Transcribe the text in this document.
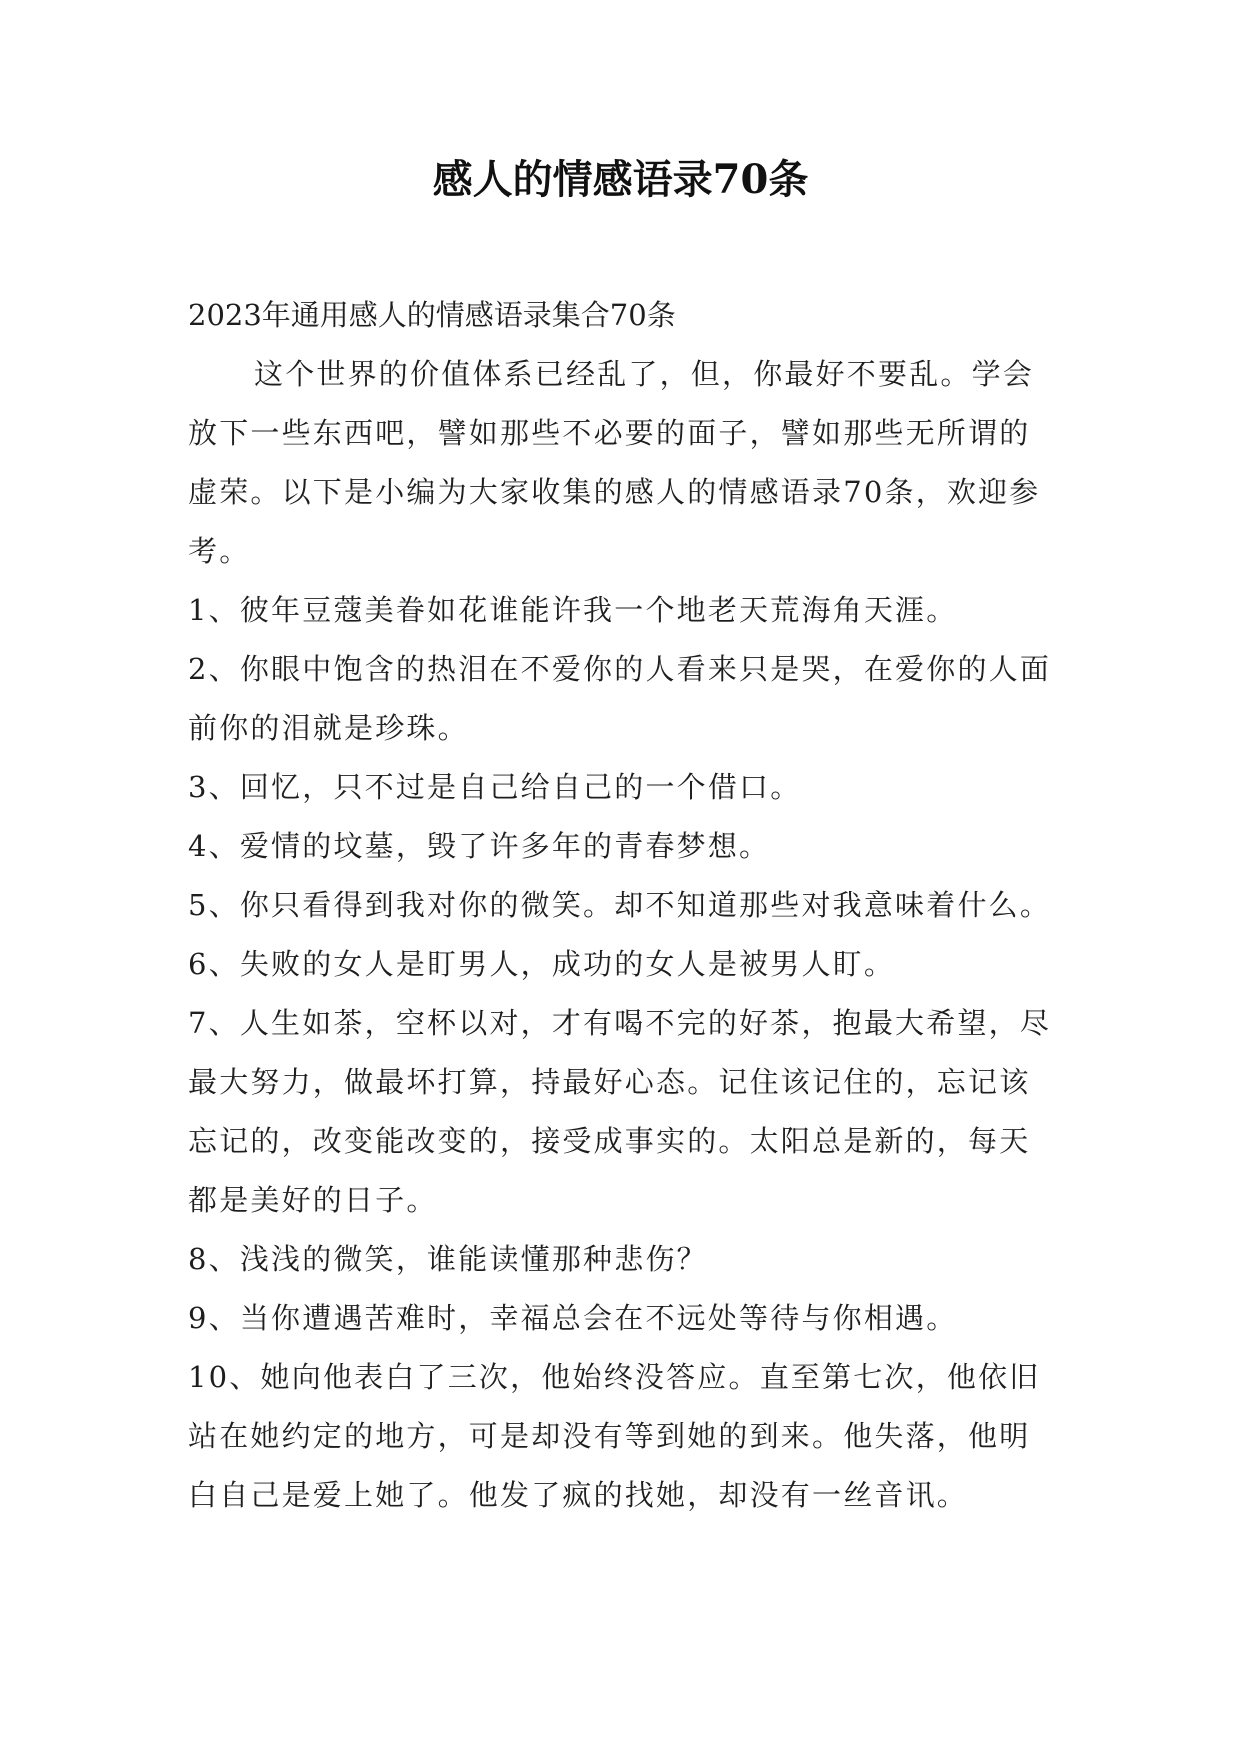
感人的情感语录70条

2023年通用感人的情感语录集合70条

这个世界的价值体系已经乱了，但，你最好不要乱。学会放下一些东西吧，譬如那些不必要的面子，譬如那些无所谓的虚荣。以下是小编为大家收集的感人的情感语录70条，欢迎参考。

1、彼年豆蔻美眷如花谁能许我一个地老天荒海角天涯。

2、你眼中饱含的热泪在不爱你的人看来只是哭，在爱你的人面前你的泪就是珍珠。

3、回忆，只不过是自己给自己的一个借口。

4、爱情的坟墓，毁了许多年的青春梦想。

5、你只看得到我对你的微笑。却不知道那些对我意味着什么。

6、失败的女人是盯男人，成功的女人是被男人盯。

7、人生如茶，空杯以对，才有喝不完的好茶，抱最大希望，尽最大努力，做最坏打算，持最好心态。记住该记住的，忘记该忘记的，改变能改变的，接受成事实的。太阳总是新的，每天都是美好的日子。

8、浅浅的微笑，谁能读懂那种悲伤？

9、当你遭遇苦难时，幸福总会在不远处等待与你相遇。

10、她向他表白了三次，他始终没答应。直至第七次，他依旧站在她约定的地方，可是却没有等到她的到来。他失落，他明白自己是爱上她了。他发了疯的找她，却没有一丝音讯。
